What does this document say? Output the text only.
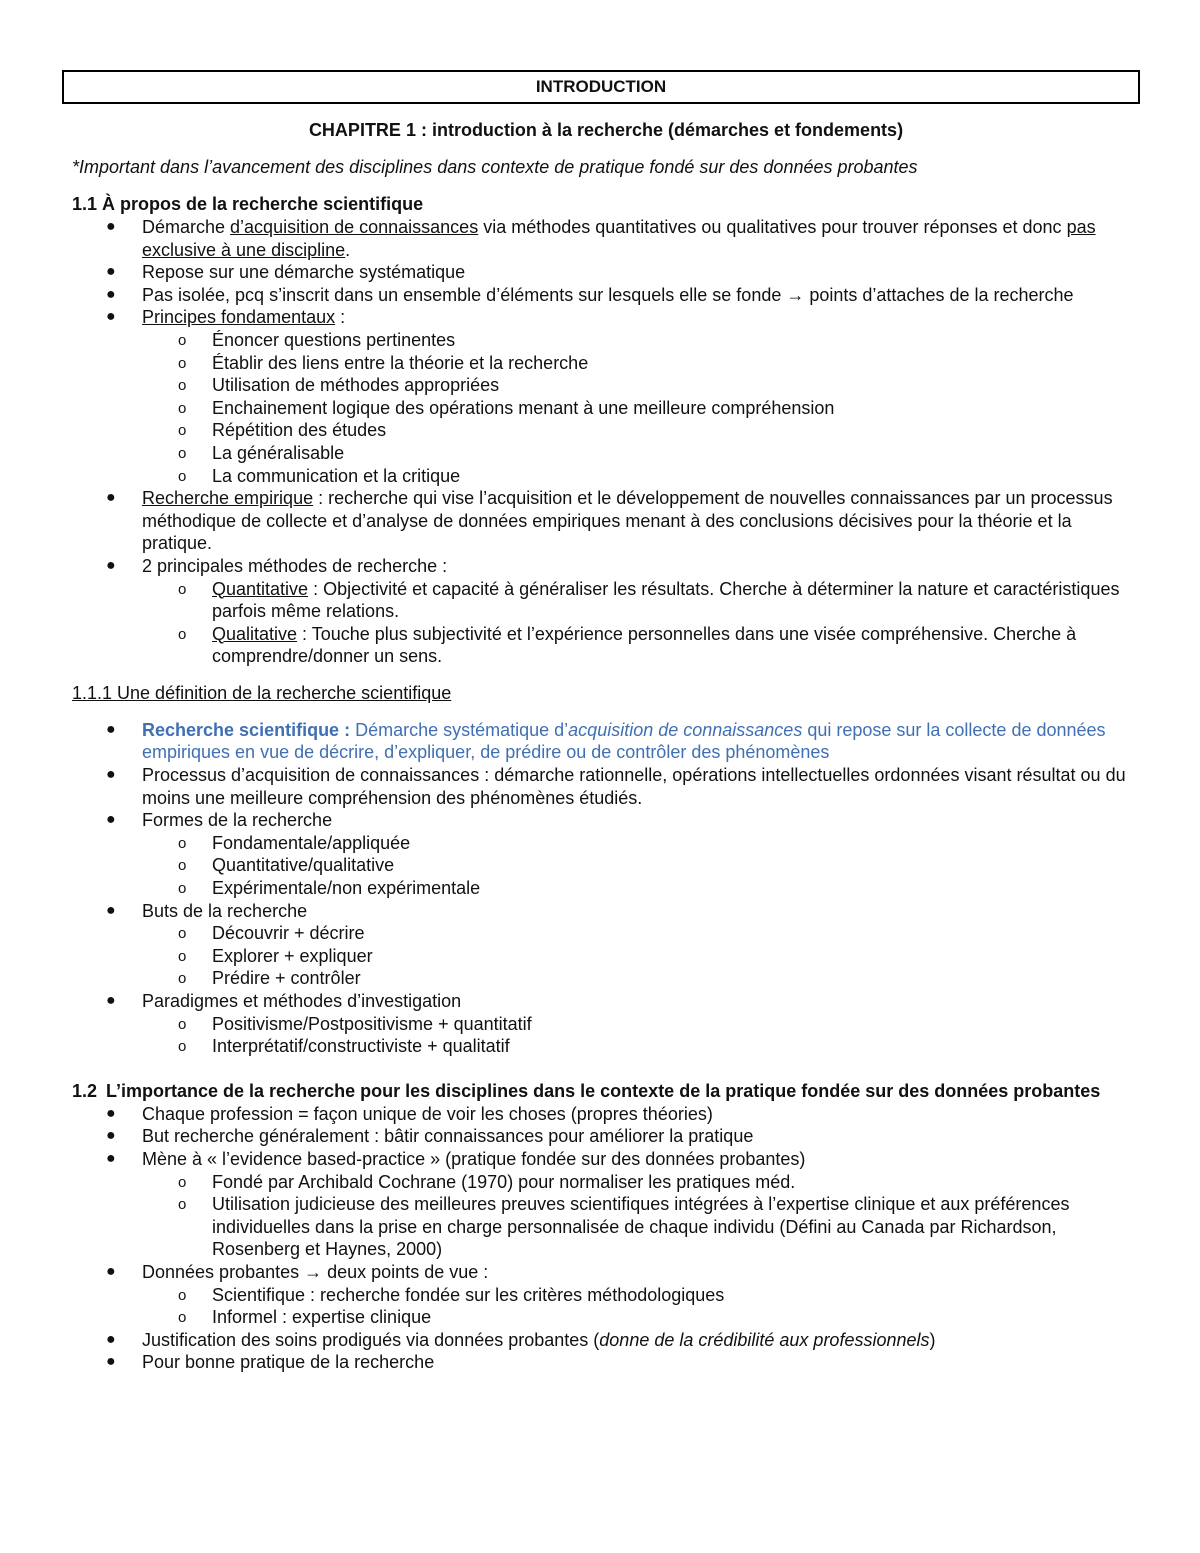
INTRODUCTION
CHAPITRE 1 : introduction à la recherche (démarches et fondements)
*Important dans l’avancement des disciplines dans contexte de pratique fondé sur des données probantes
1.1 À propos de la recherche scientifique
● Démarche d’acquisition de connaissances via méthodes quantitatives ou qualitatives pour trouver réponses et donc pas exclusive à une discipline.
● Repose sur une démarche systématique
● Pas isolée, pcq s’inscrit dans un ensemble d’éléments sur lesquels elle se fonde → points d’attaches de la recherche
● Principes fondamentaux :
o Énoncer questions pertinentes
o Établir des liens entre la théorie et la recherche
o Utilisation de méthodes appropriées
o Enchainement logique des opérations menant à une meilleure compréhension
o Répétition des études
o La généralisable
o La communication et la critique
● Recherche empirique : recherche qui vise l’acquisition et le développement de nouvelles connaissances par un processus méthodique de collecte et d’analyse de données empiriques menant à des conclusions décisives pour la théorie et la pratique.
● 2 principales méthodes de recherche :
o Quantitative : Objectivité et capacité à généraliser les résultats. Cherche à déterminer la nature et caractéristiques parfois même relations.
o Qualitative : Touche plus subjectivité et l’expérience personnelles dans une visée compréhensive. Cherche à comprendre/donner un sens.
1.1.1 Une définition de la recherche scientifique
● Recherche scientifique : Démarche systématique d’acquisition de connaissances qui repose sur la collecte de données empiriques en vue de décrire, d’expliquer, de prédire ou de contrôler des phénomènes
● Processus d’acquisition de connaissances : démarche rationnelle, opérations intellectuelles ordonnées visant résultat ou du moins une meilleure compréhension des phénomènes étudiés.
● Formes de la recherche
o Fondamentale/appliquée
o Quantitative/qualitative
o Expérimentale/non expérimentale
● Buts de la recherche
o Découvrir + décrire
o Explorer + expliquer
o Prédire + contrôler
● Paradigmes et méthodes d’investigation
o Positivisme/Postpositivisme + quantitatif
o Interprétatif/constructiviste + qualitatif
1.2 L’importance de la recherche pour les disciplines dans le contexte de la pratique fondée sur des données probantes
● Chaque profession = façon unique de voir les choses (propres théories)
● But recherche généralement : bâtir connaissances pour améliorer la pratique
● Mène à « l’evidence based-practice » (pratique fondée sur des données probantes)
o Fondé par Archibald Cochrane (1970) pour normaliser les pratiques méd.
o Utilisation judicieuse des meilleures preuves scientifiques intégrées à l’expertise clinique et aux préférences individuelles dans la prise en charge personnalisée de chaque individu (Défini au Canada par Richardson, Rosenberg et Haynes, 2000)
● Données probantes → deux points de vue :
o Scientifique : recherche fondée sur les critères méthodologiques
o Informel : expertise clinique
● Justification des soins prodigués via données probantes (donne de la crédibilité aux professionnels)
● Pour bonne pratique de la recherche
